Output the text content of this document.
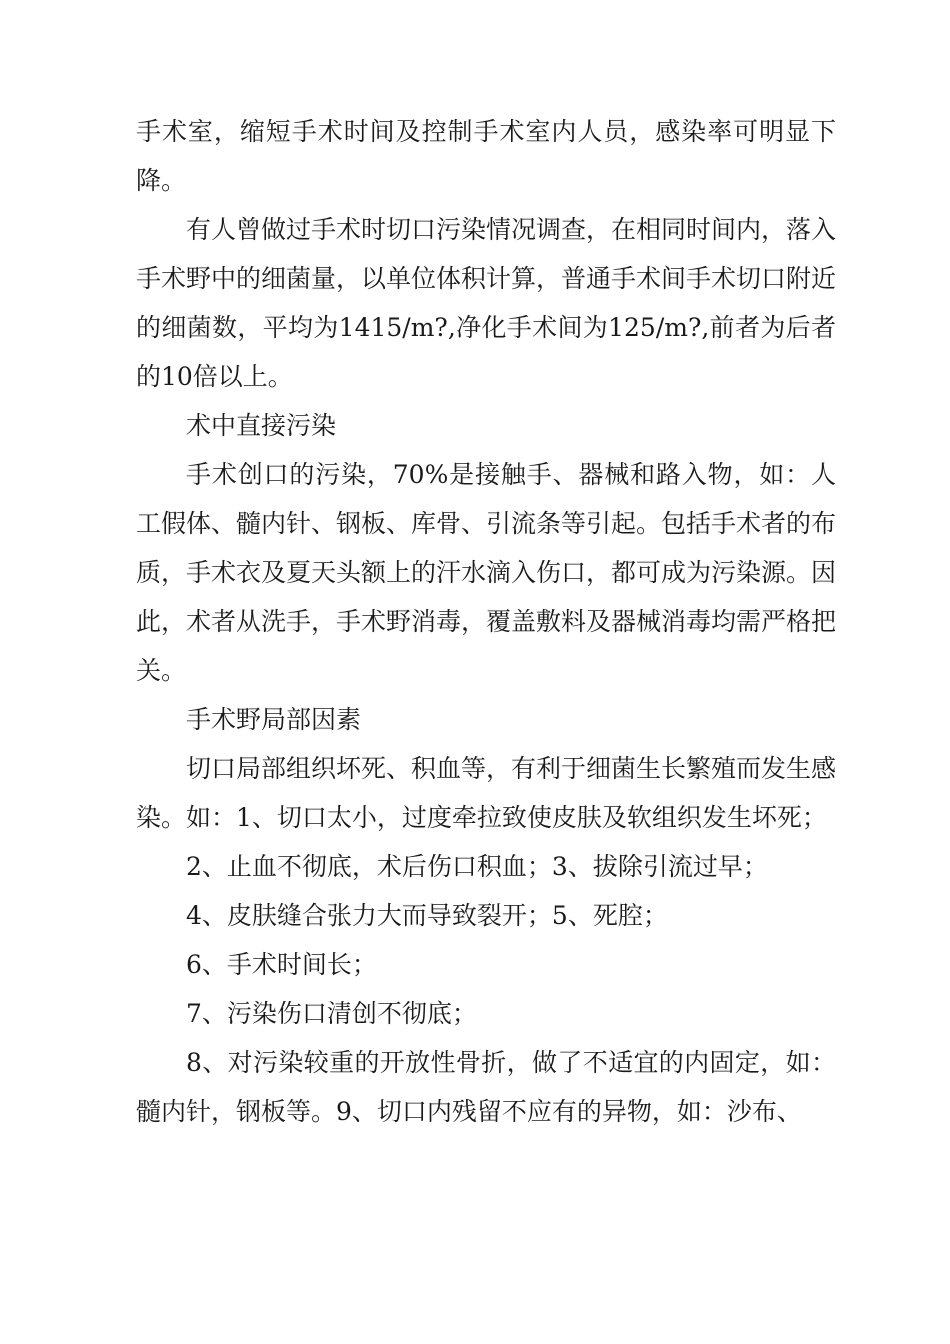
手术室，缩短手术时间及控制手术室内人员，感染率可明显下降。

有人曾做过手术时切口污染情况调查，在相同时间内，落入手术野中的细菌量，以单位体积计算，普通手术间手术切口附近的细菌数，平均为1415/m?,净化手术间为125/m?,前者为后者的10倍以上。

术中直接污染

手术创口的污染，70%是接触手、器械和路入物，如：人工假体、髓内针、钢板、库骨、引流条等引起。包括手术者的布质，手术衣及夏天头额上的汗水滴入伤口，都可成为污染源。因此，术者从洗手，手术野消毒，覆盖敷料及器械消毒均需严格把关。

手术野局部因素

切口局部组织坏死、积血等，有利于细菌生长繁殖而发生感染。如：1、切口太小，过度牵拉致使皮肤及软组织发生坏死；

2、止血不彻底，术后伤口积血；3、拔除引流过早；

4、皮肤缝合张力大而导致裂开；5、死腔；

6、手术时间长；

7、污染伤口清创不彻底；

8、对污染较重的开放性骨折，做了不适宜的内固定，如：髓内针，钢板等。9、切口内残留不应有的异物，如：沙布、
